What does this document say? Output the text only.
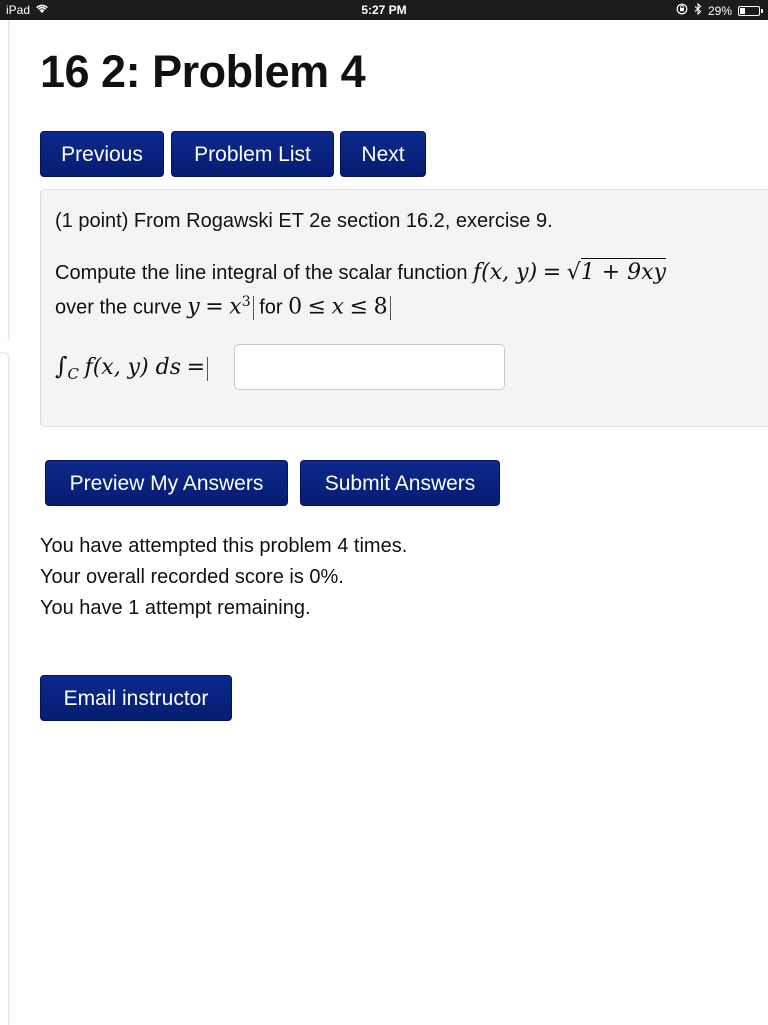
iPad	5:27 PM	29%
16 2: Problem 4
Previous	Problem List	Next
(1 point) From Rogawski ET 2e section 16.2, exercise 9.
Compute the line integral of the scalar function f(x, y) = √1 + 9xy
over the curve $y = x^3$ for 0 ≤ x ≤ 8
$\int_C$ f(x, y) ds =
Preview My Answers	Submit Answers
You have attempted this problem 4 times.
Your overall recorded score is 0%.
You have 1 attempt remaining.
Email instructor
